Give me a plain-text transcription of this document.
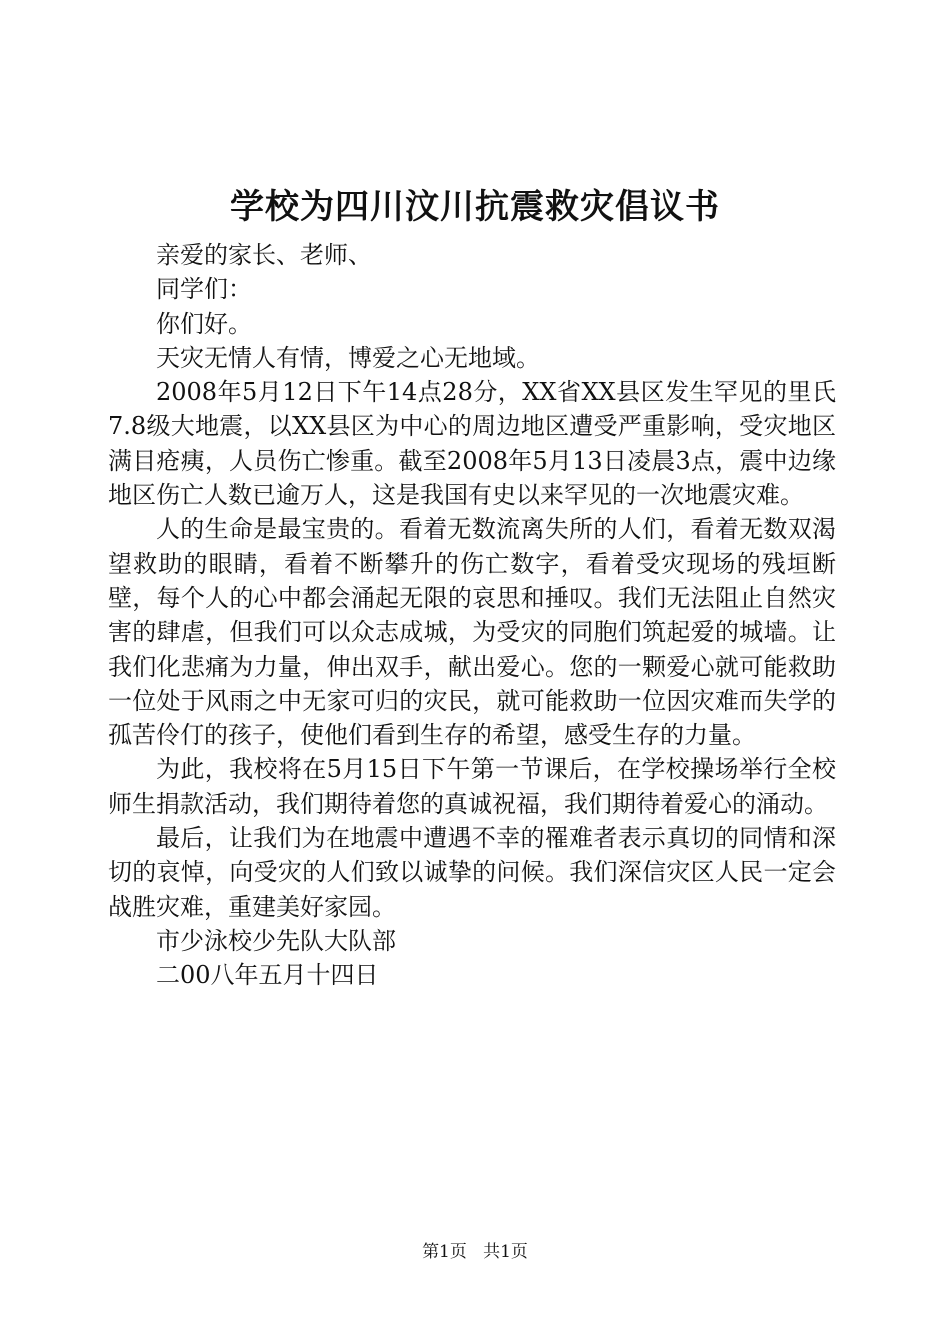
学校为四川汶川抗震救灾倡议书

亲爱的家长、老师、

同学们：

你们好。

天灾无情人有情，博爱之心无地域。

2008年5月12日下午14点28分，XX省XX县区发生罕见的里氏7.8级大地震，以XX县区为中心的周边地区遭受严重影响，受灾地区满目疮痍，人员伤亡惨重。截至2008年5月13日凌晨3点，震中边缘地区伤亡人数已逾万人，这是我国有史以来罕见的一次地震灾难。

人的生命是最宝贵的。看着无数流离失所的人们，看着无数双渴望救助的眼睛，看着不断攀升的伤亡数字，看着受灾现场的残垣断壁，每个人的心中都会涌起无限的哀思和捶叹。我们无法阻止自然灾害的肆虐，但我们可以众志成城，为受灾的同胞们筑起爱的城墙。让我们化悲痛为力量，伸出双手，献出爱心。您的一颗爱心就可能救助一位处于风雨之中无家可归的灾民，就可能救助一位因灾难而失学的孤苦伶仃的孩子，使他们看到生存的希望，感受生存的力量。

为此，我校将在5月15日下午第一节课后，在学校操场举行全校师生捐款活动，我们期待着您的真诚祝福，我们期待着爱心的涌动。

最后，让我们为在地震中遭遇不幸的罹难者表示真切的同情和深切的哀悼，向受灾的人们致以诚挚的问候。我们深信灾区人民一定会战胜灾难，重建美好家园。

市少泳校少先队大队部

二00八年五月十四日

第1页 共1页
